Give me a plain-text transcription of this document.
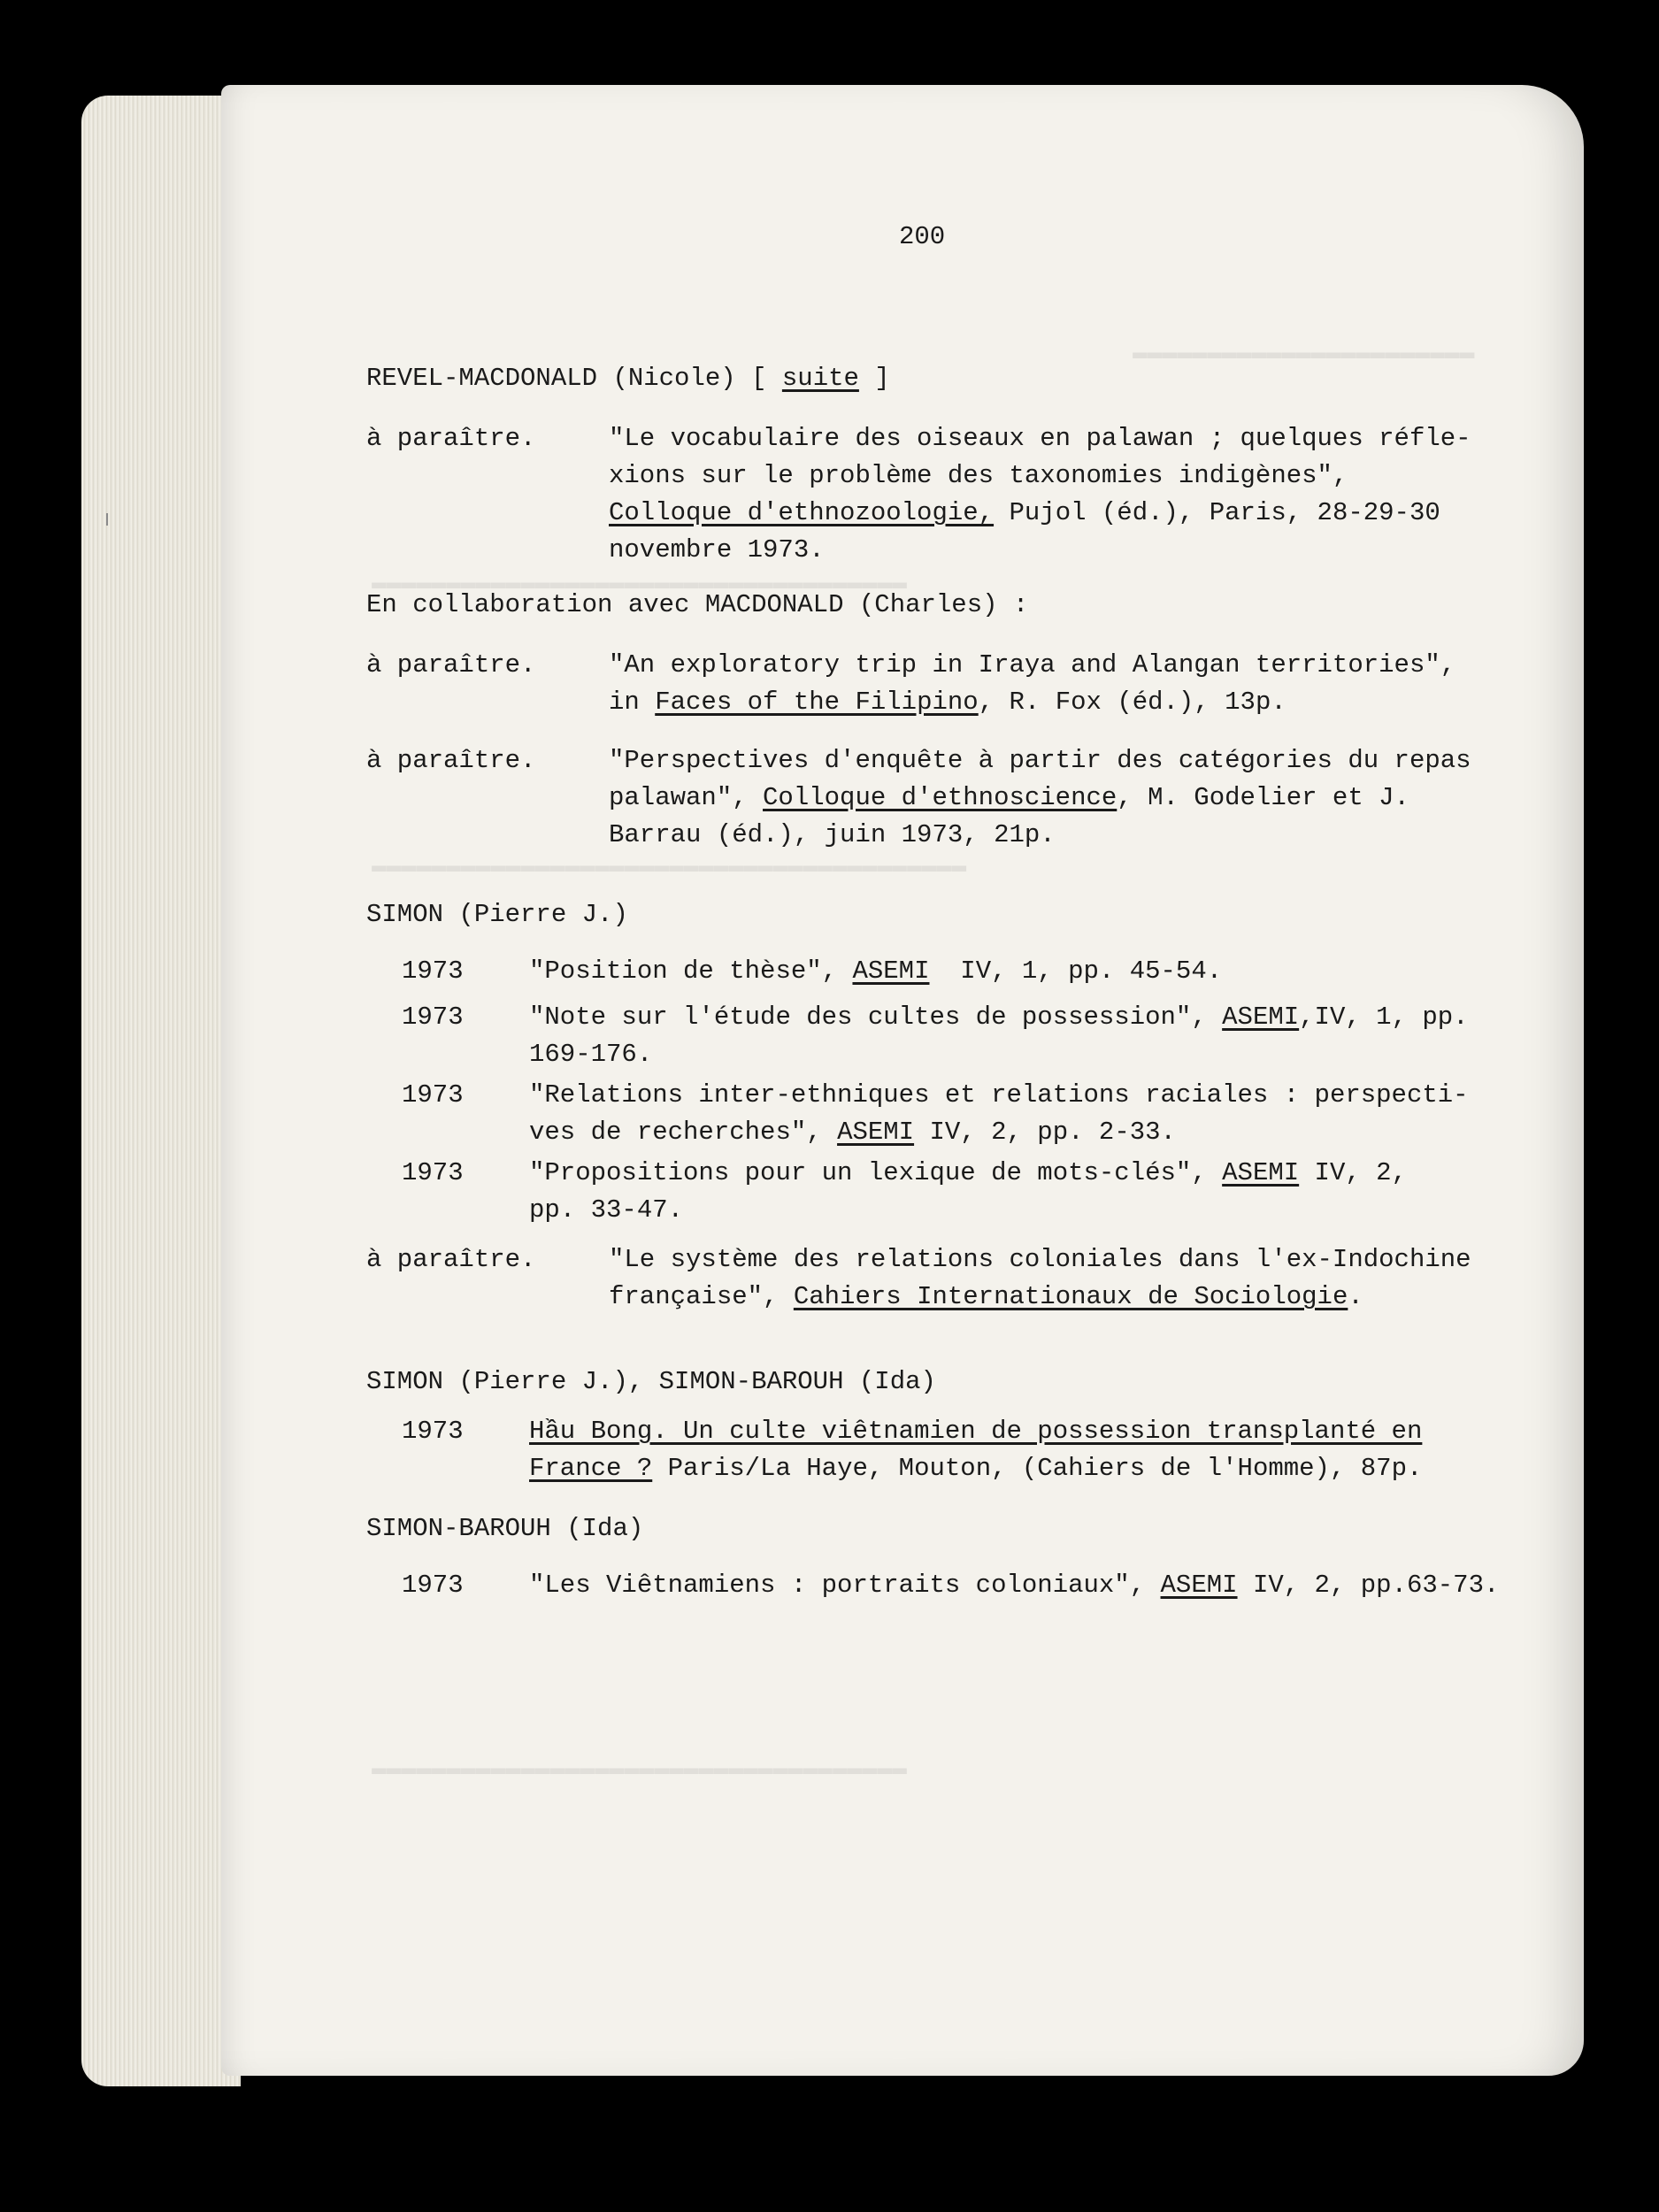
▬▬▬▬▬▬▬▬▬▬▬▬▬▬▬▬▬▬▬▬▬▬▬
▬▬▬▬▬▬▬▬▬▬▬▬▬▬▬▬▬▬▬▬▬▬▬▬▬▬▬▬▬▬▬▬▬▬▬▬
▬▬▬▬▬▬▬▬▬▬▬▬▬▬▬▬▬▬▬▬▬▬▬▬▬▬▬▬▬▬▬▬▬▬▬▬▬▬▬▬
▬▬▬▬▬▬▬▬▬▬▬▬▬▬▬▬▬▬▬▬▬▬▬▬▬▬▬▬▬▬▬▬▬▬▬▬
200
REVEL-MACDONALD (Nicole) [ suite ]
à paraître.	"Le vocabulaire des oiseaux en palawan ; quelques réfle-
xions sur le problème des taxonomies indigènes",
Colloque d'ethnozoologie, Pujol (éd.), Paris, 28-29-30
novembre 1973.
En collaboration avec MACDONALD (Charles) :
à paraître.	"An exploratory trip in Iraya and Alangan territories",
in Faces of the Filipino, R. Fox (éd.), 13p.
à paraître.	"Perspectives d'enquête à partir des catégories du repas
palawan", Colloque d'ethnoscience, M. Godelier et J.
Barrau (éd.), juin 1973, 21p.
SIMON (Pierre J.)
1973	"Position de thèse", ASEMI  IV, 1, pp. 45-54.
1973	"Note sur l'étude des cultes de possession", ASEMI,IV, 1, pp.
169-176.
1973	"Relations inter-ethniques et relations raciales : perspecti-
ves de recherches", ASEMI IV, 2, pp. 2-33.
1973	"Propositions pour un lexique de mots-clés", ASEMI IV, 2,
pp. 33-47.
à paraître.	"Le système des relations coloniales dans l'ex-Indochine
française", Cahiers Internationaux de Sociologie.
SIMON (Pierre J.), SIMON-BAROUH (Ida)
1973	Hầu Bong. Un culte viêtnamien de possession transplanté en
France ? Paris/La Haye, Mouton, (Cahiers de l'Homme), 87p.
SIMON-BAROUH (Ida)
1973	"Les Viêtnamiens : portraits coloniaux", ASEMI IV, 2, pp.63-73.
